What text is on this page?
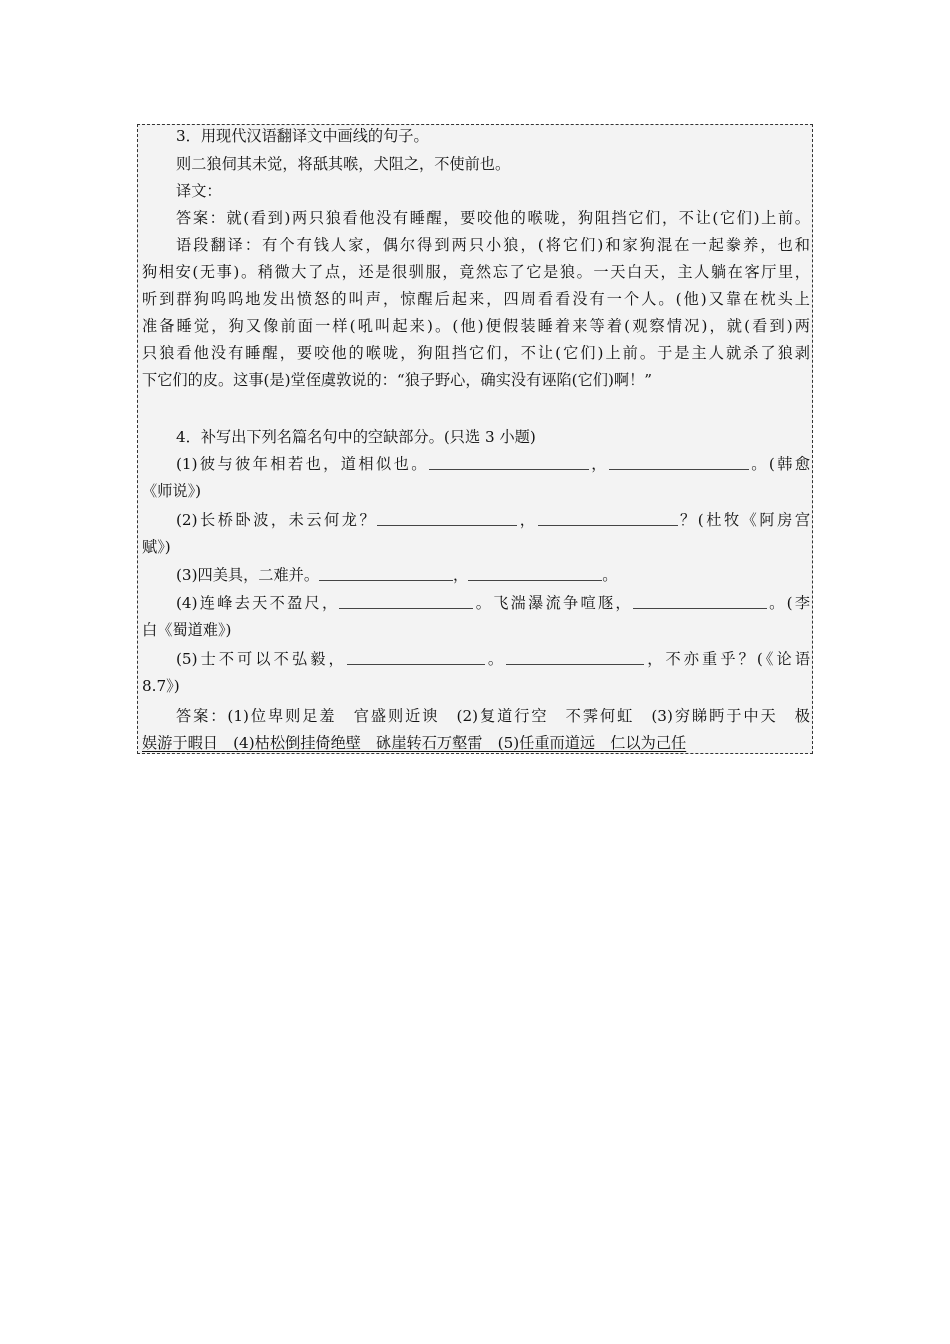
3．用现代汉语翻译文中画线的句子。
则二狼伺其未觉，将舐其喉，犬阻之，不使前也。
译文：
答案：就(看到)两只狼看他没有睡醒，要咬他的喉咙，狗阻挡它们，不让(它们)上前。
语段翻译：有个有钱人家，偶尔得到两只小狼，(将它们)和家狗混在一起豢养，也和
狗相安(无事)。稍微大了点，还是很驯服，竟然忘了它是狼。一天白天，主人躺在客厅里，
听到群狗呜呜地发出愤怒的叫声，惊醒后起来，四周看看没有一个人。(他)又靠在枕头上
准备睡觉，狗又像前面一样(吼叫起来)。(他)便假装睡着来等着(观察情况)，就(看到)两
只狼看他没有睡醒，要咬他的喉咙，狗阻挡它们，不让(它们)上前。于是主人就杀了狼剥
下它们的皮。这事(是)堂侄虞敦说的：“狼子野心，确实没有诬陷(它们)啊！”
4．补写出下列名篇名句中的空缺部分。(只选 3 小题)
(1)彼与彼年相若也，道相似也。	，	。(韩愈
《师说》)
(2)长桥卧波，未云何龙？	，	？(杜牧《阿房宫
赋》)
(3)四美具，二难并。	，	。
(4)连峰去天不盈尺，	。飞湍瀑流争喧豗，	。(李
白《蜀道难》)
(5)士不可以不弘毅，	。	，不亦重乎？(《论语
8.7》)
答案：(1)位卑则足羞　官盛则近谀　(2)复道行空　不霁何虹　(3)穷睇眄于中天　极
娱游于暇日　(4)枯松倒挂倚绝壁　砯崖转石万壑雷　(5)任重而道远　仁以为己任
